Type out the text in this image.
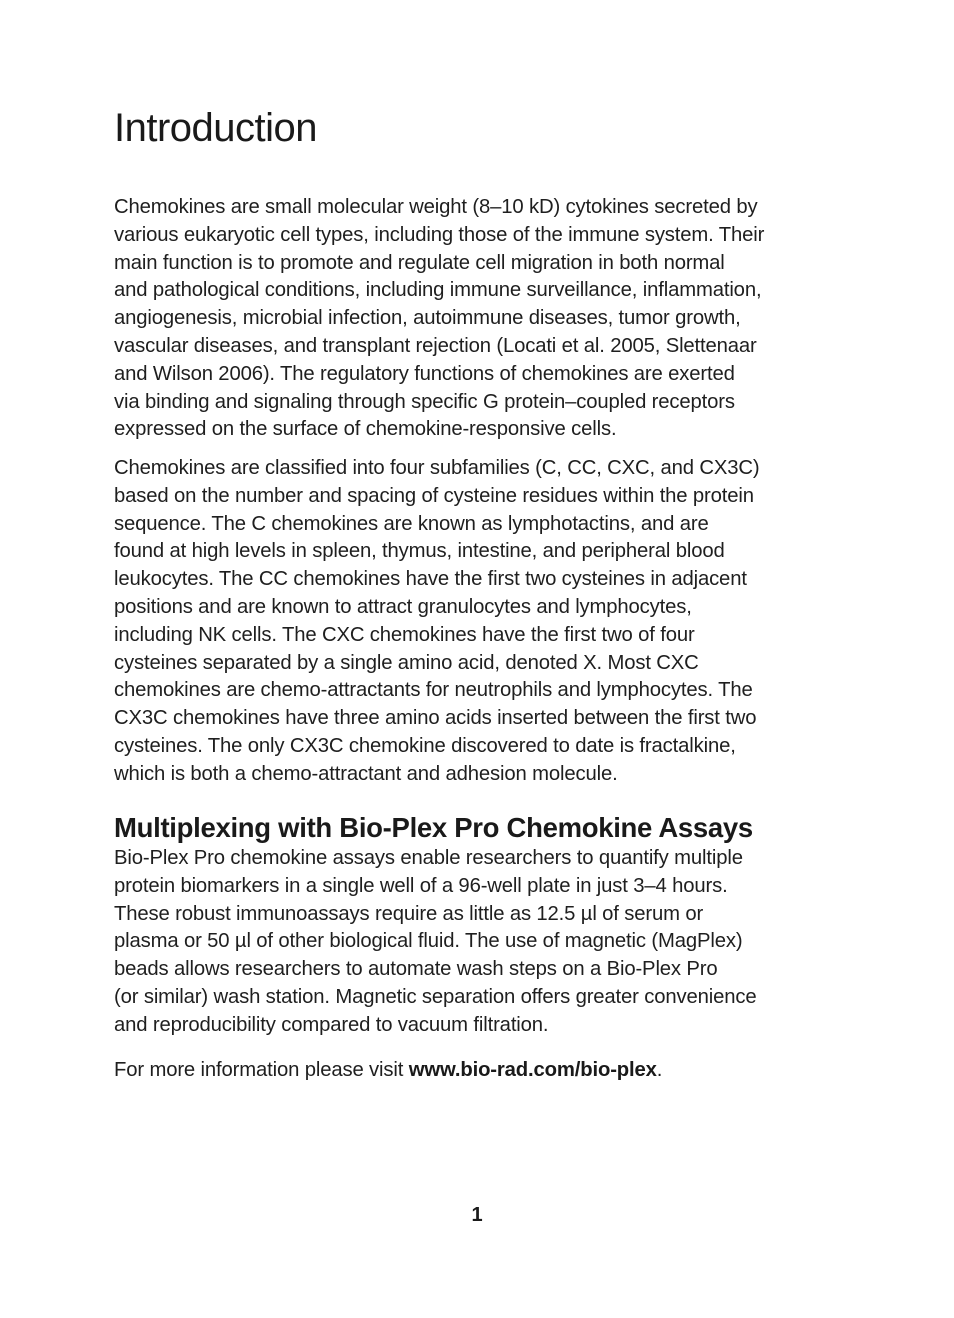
Introduction
Chemokines are small molecular weight (8–10 kD) cytokines secreted by
various eukaryotic cell types, including those of the immune system. Their
main function is to promote and regulate cell migration in both normal
and pathological conditions, including immune surveillance, inflammation,
angiogenesis, microbial infection, autoimmune diseases, tumor growth,
vascular diseases, and transplant rejection (Locati et al. 2005, Slettenaar
and Wilson 2006). The regulatory functions of chemokines are exerted
via binding and signaling through specific G protein–coupled receptors
expressed on the surface of chemokine-responsive cells.
Chemokines are classified into four subfamilies (C, CC, CXC, and CX3C)
based on the number and spacing of cysteine residues within the protein
sequence. The C chemokines are known as lymphotactins, and are
found at high levels in spleen, thymus, intestine, and peripheral blood
leukocytes. The CC chemokines have the first two cysteines in adjacent
positions and are known to attract granulocytes and lymphocytes,
including NK cells. The CXC chemokines have the first two of four
cysteines separated by a single amino acid, denoted X. Most CXC
chemokines are chemo-attractants for neutrophils and lymphocytes. The
CX3C chemokines have three amino acids inserted between the first two
cysteines. The only CX3C chemokine discovered to date is fractalkine,
which is both a chemo-attractant and adhesion molecule.
Multiplexing with Bio-Plex Pro Chemokine Assays
Bio-Plex Pro chemokine assays enable researchers to quantify multiple
protein biomarkers in a single well of a 96-well plate in just 3–4 hours.
These robust immunoassays require as little as 12.5 µl of serum or
plasma or 50 µl of other biological fluid. The use of magnetic (MagPlex)
beads allows researchers to automate wash steps on a Bio-Plex Pro
(or similar) wash station. Magnetic separation offers greater convenience
and reproducibility compared to vacuum filtration.
For more information please visit www.bio-rad.com/bio-plex.
1
